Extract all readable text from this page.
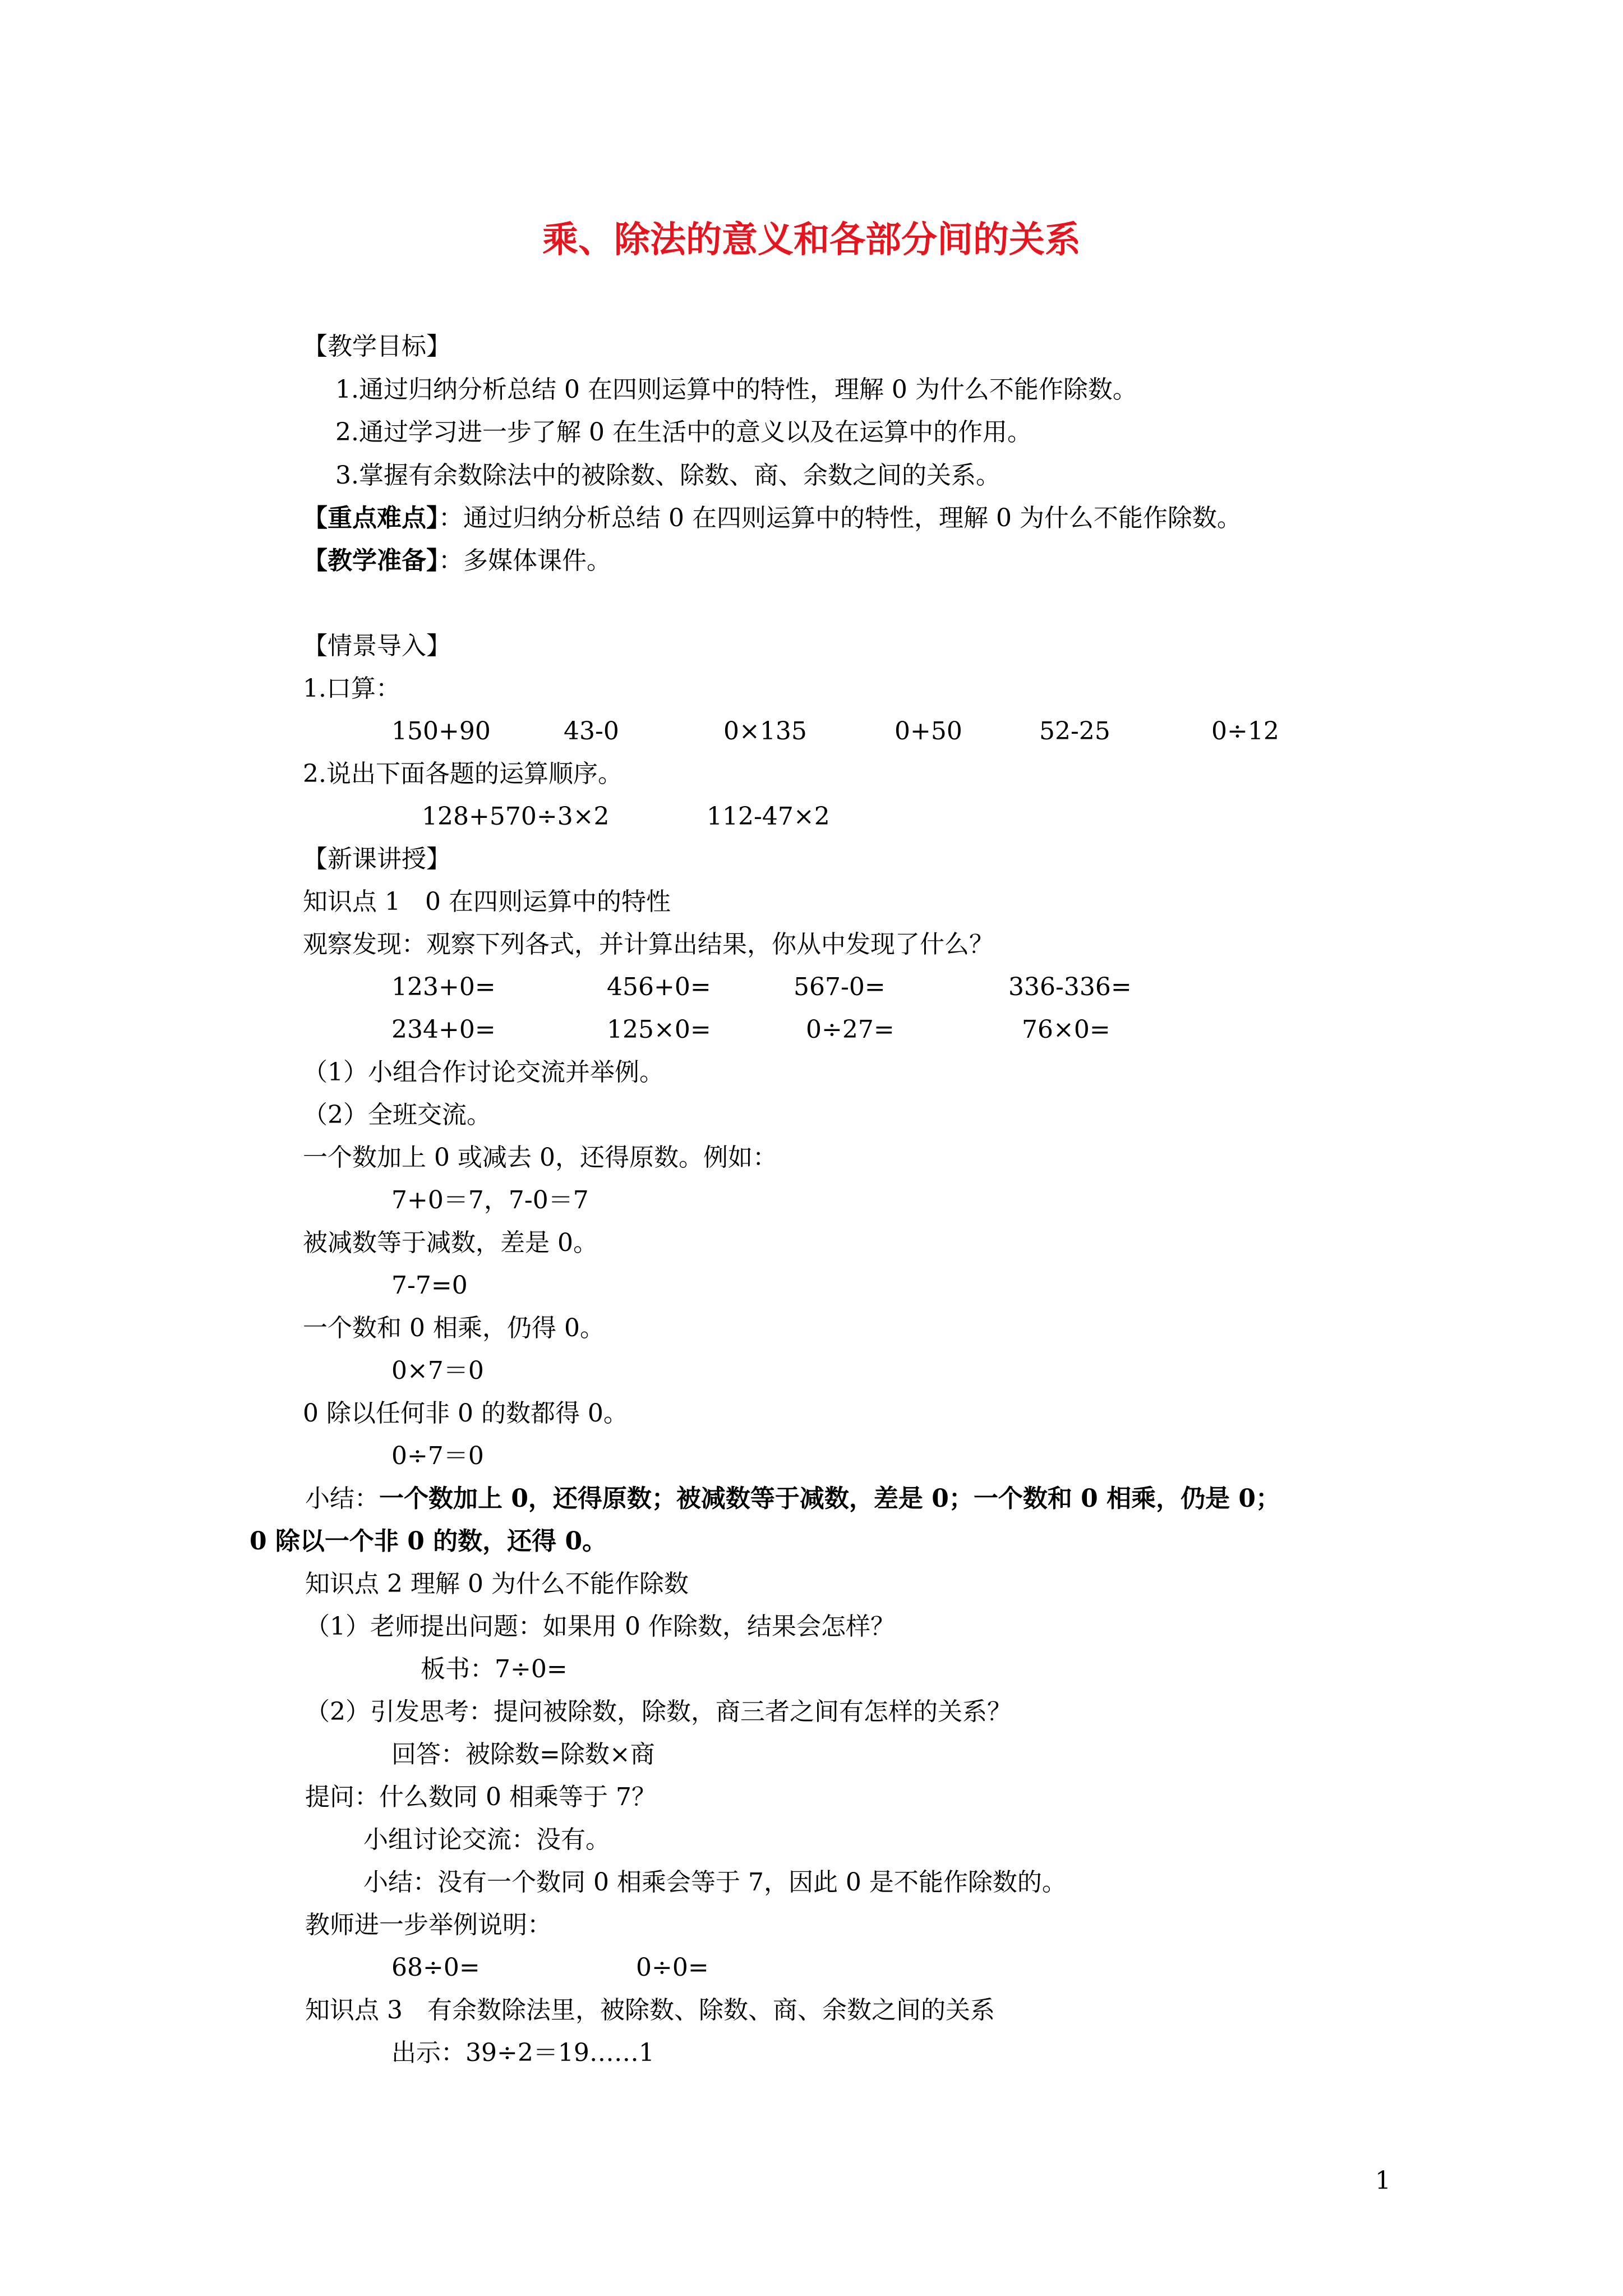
乘、除法的意义和各部分间的关系
【教学目标】
1.通过归纳分析总结 0 在四则运算中的特性，理解 0 为什么不能作除数。
2.通过学习进一步了解 0 在生活中的意义以及在运算中的作用。
3.掌握有余数除法中的被除数、除数、商、余数之间的关系。
【重点难点】：通过归纳分析总结 0 在四则运算中的特性，理解 0 为什么不能作除数。
【教学准备】：多媒体课件。
【情景导入】
1.口算：
150+90	43-0	0×135	0+50	52-25	0÷12
2.说出下面各题的运算顺序。
128+570÷3×2	112-47×2
【新课讲授】
知识点 1　0 在四则运算中的特性
观察发现：观察下列各式，并计算出结果，你从中发现了什么？
123+0=	456+0=	567-0=	336-336=
234+0=	125×0=	0÷27=	76×0=
（1）小组合作讨论交流并举例。
（2）全班交流。
一个数加上 0 或减去 0，还得原数。例如：
7+0＝7，7-0＝7
被减数等于减数，差是 0。
7-7=0
一个数和 0 相乘，仍得 0。
0×7＝0
0 除以任何非 0 的数都得 0。
0÷7＝0
小结：一个数加上 0，还得原数；被减数等于减数，差是 0；一个数和 0 相乘，仍是 0；
0 除以一个非 0 的数，还得 0。
知识点 2 理解 0 为什么不能作除数
（1）老师提出问题：如果用 0 作除数，结果会怎样？
板书：7÷0=
（2）引发思考：提问被除数，除数，商三者之间有怎样的关系？
回答：被除数=除数×商
提问：什么数同 0 相乘等于 7？
小组讨论交流：没有。
小结：没有一个数同 0 相乘会等于 7，因此 0 是不能作除数的。
教师进一步举例说明：
68÷0=	0÷0=
知识点 3　有余数除法里，被除数、除数、商、余数之间的关系
出示：39÷2＝19……1
1
